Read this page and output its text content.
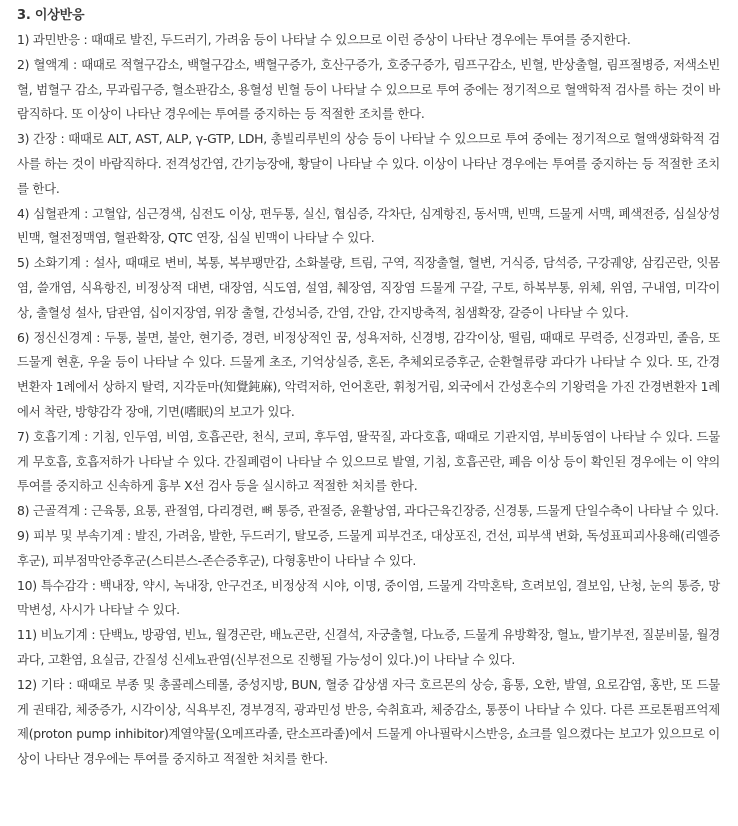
3. 이상반응

1) 과민반응 : 때때로 발진, 두드러기, 가려움 등이 나타날 수 있으므로 이런 증상이 나타난 경우에는 투여를 중지한다.

2) 혈액계 : 때때로 적혈구감소, 백혈구감소, 백혈구증가, 호산구증가, 호중구증가, 림프구감소, 빈혈, 반상출혈, 림프절병증, 저색소빈혈, 범혈구 감소, 무과립구증, 혈소판감소, 용혈성 빈혈 등이 나타날 수 있으므로 투여 중에는 정기적으로 혈액학적 검사를 하는 것이 바람직하다. 또 이상이 나타난 경우에는 투여를 중지하는 등 적절한 조치를 한다.

3) 간장 : 때때로 ALT, AST, ALP, γ-GTP, LDH, 총빌리루빈의 상승 등이 나타날 수 있으므로 투여 중에는 정기적으로 혈액생화학적 검사를 하는 것이 바람직하다. 전격성간염, 간기능장애, 황달이 나타날 수 있다. 이상이 나타난 경우에는 투여를 중지하는 등 적절한 조치를 한다.

4) 심혈관계 : 고혈압, 심근경색, 심전도 이상, 편두통, 실신, 협심증, 각차단, 심계항진, 동서맥, 빈맥, 드물게 서맥, 폐색전증, 심실상성 빈맥, 혈전정맥염, 혈관확장, QTC 연장, 심실 빈맥이 나타날 수 있다.

5) 소화기계 : 설사, 때때로 변비, 복통, 복부팽만감, 소화불량, 트림, 구역, 직장출혈, 혈변, 거식증, 담석증, 구강궤양, 삼킴곤란, 잇몸염, 쓸개염, 식욕항진, 비정상적 대변, 대장염, 식도염, 설염, 췌장염, 직장염 드물게 구갈, 구토, 하복부통, 위체, 위염, 구내염, 미각이상, 출혈성 설사, 담관염, 십이지장염, 위장 출혈, 간성뇌증, 간염, 간암, 간지방축적, 침샘확장, 갈증이 나타날 수 있다.

6) 정신신경계 : 두통, 불면, 불안, 현기증, 경련, 비정상적인 꿈, 성욕저하, 신경병, 감각이상, 떨림, 때때로 무력증, 신경과민, 졸음, 또 드물게 현훈, 우울 등이 나타날 수 있다. 드물게 초조, 기억상실증, 혼돈, 추체외로증후군, 순환혈류량 과다가 나타날 수 있다. 또, 간경변환자 1례에서 상하지 탈력, 지각둔마(知覺鈍麻), 악력저하, 언어혼란, 휘청거림, 외국에서 간성혼수의 기왕력을 가진 간경변환자 1례에서 착란, 방향감각 장애, 기면(嗜眠)의 보고가 있다.

7) 호흡기계 : 기침, 인두염, 비염, 호흡곤란, 천식, 코피, 후두염, 딸꾹질, 과다호흡, 때때로 기관지염, 부비동염이 나타날 수 있다. 드물게 무호흡, 호흡저하가 나타날 수 있다. 간질폐렴이 나타날 수 있으므로 발열, 기침, 호흡곤란, 폐음 이상 등이 확인된 경우에는 이 약의 투여를 중지하고 신속하게 흉부 X선 검사 등을 실시하고 적절한 처치를 한다.

8) 근골격계 : 근육통, 요통, 관절염, 다리경련, 뼈 통증, 관절증, 윤활낭염, 과다근육긴장증, 신경통, 드물게 단일수축이 나타날 수 있다.

9) 피부 및 부속기계 : 발진, 가려움, 발한, 두드러기, 탈모증, 드물게 피부건조, 대상포진, 건선, 피부색 변화, 독성표피괴사용해(리엘증후군), 피부점막안증후군(스티븐스-존슨증후군), 다형홍반이 나타날 수 있다.

10) 특수감각 : 백내장, 약시, 녹내장, 안구건조, 비정상적 시야, 이명, 중이염, 드물게 각막혼탁, 흐려보임, 결보임, 난청, 눈의 통증, 망막변성, 사시가 나타날 수 있다.

11) 비뇨기계 : 단백뇨, 방광염, 빈뇨, 월경곤란, 배뇨곤란, 신결석, 자궁출혈, 다뇨증, 드물게 유방확장, 혈뇨, 발기부전, 질분비물, 월경과다, 고환염, 요실금, 간질성 신세뇨관염(신부전으로 진행될 가능성이 있다.)이 나타날 수 있다.

12) 기타 : 때때로 부종 및 총콜레스테롤, 중성지방, BUN, 혈중 갑상샘 자극 호르몬의 상승, 흉통, 오한, 발열, 요로감염, 홍반, 또 드물게 권태감, 체중증가, 시각이상, 식욕부진, 경부경직, 광과민성 반응, 숙취효과, 체중감소, 통풍이 나타날 수 있다. 다른 프로톤펌프억제제(proton pump inhibitor)계열약물(오메프라졸, 란소프라졸)에서 드물게 아나필락시스반응, 쇼크를 일으켰다는 보고가 있으므로 이상이 나타난 경우에는 투여를 중지하고 적절한 처치를 한다.
